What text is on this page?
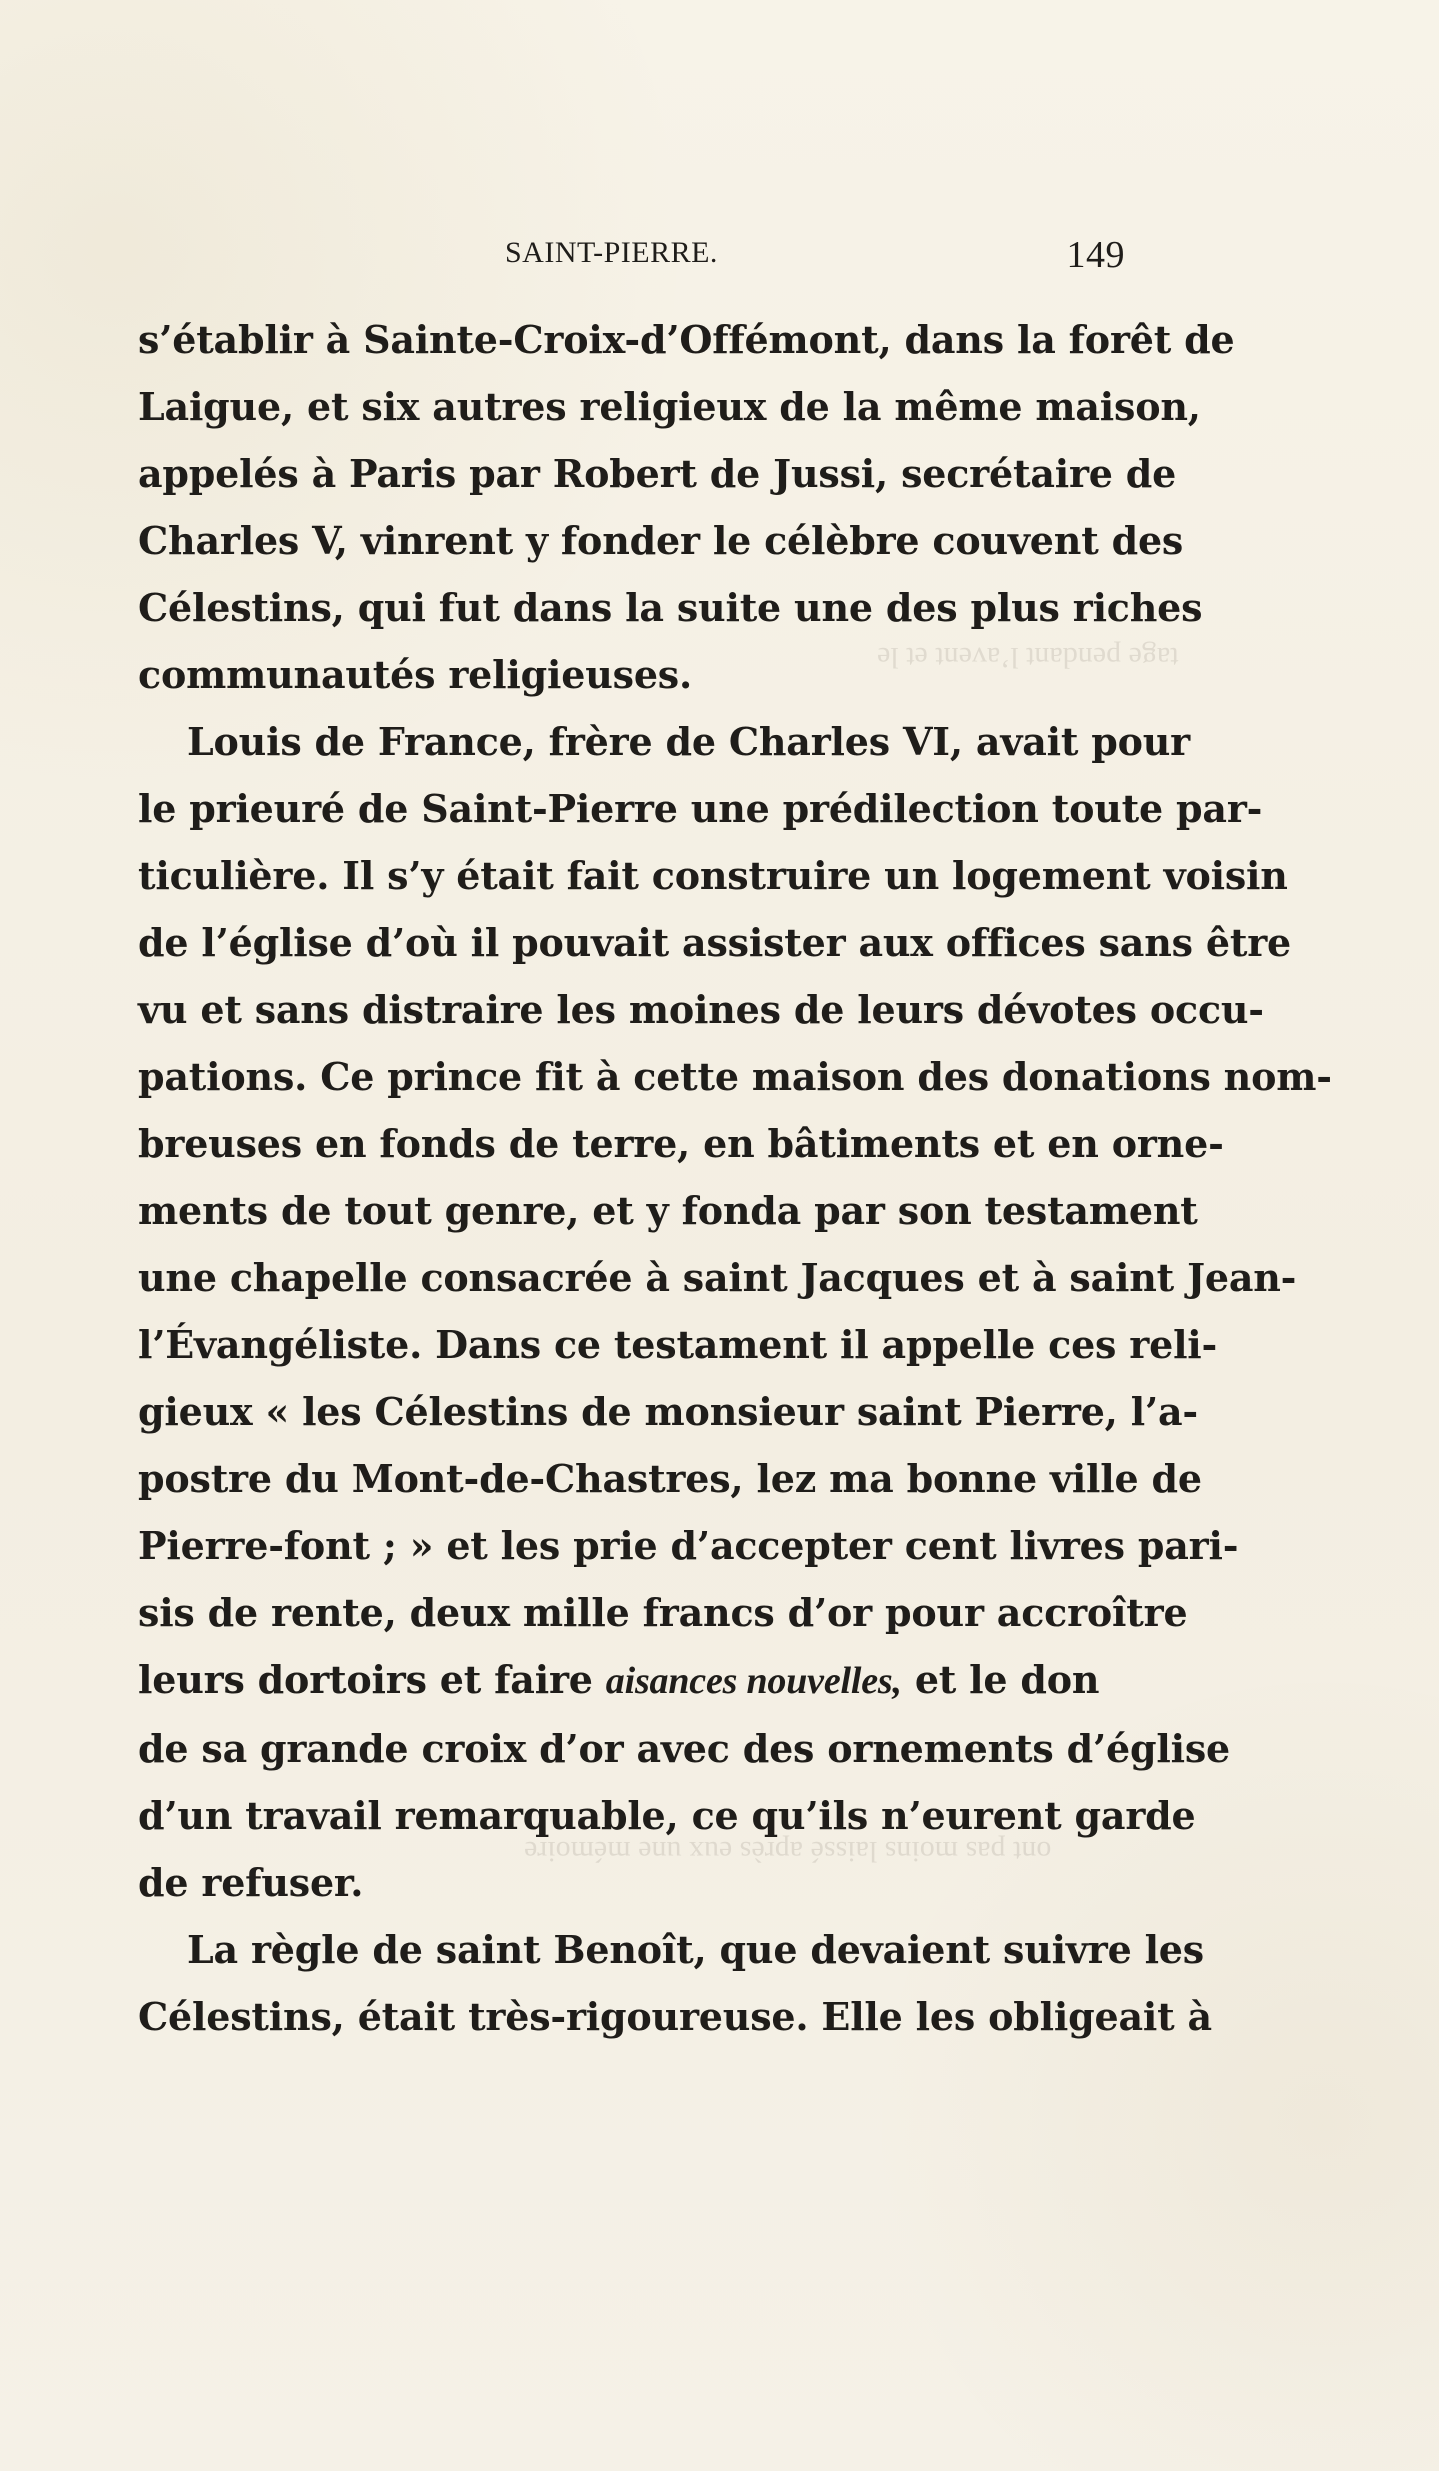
SAINT-PIERRE.	149
s’établir à Sainte-Croix-d’Offémont, dans la forêt de
Laigue, et six autres religieux de la même maison,
appelés à Paris par Robert de Jussi, secrétaire de
Charles V, vinrent y fonder le célèbre couvent des
Célestins, qui fut dans la suite une des plus riches
communautés religieuses.
Louis de France, frère de Charles VI, avait pour
le prieuré de Saint-Pierre une prédilection toute par-
ticulière. Il s’y était fait construire un logement voisin
de l’église d’où il pouvait assister aux offices sans être
vu et sans distraire les moines de leurs dévotes occu-
pations. Ce prince fit à cette maison des donations nom-
breuses en fonds de terre, en bâtiments et en orne-
ments de tout genre, et y fonda par son testament
une chapelle consacrée à saint Jacques et à saint Jean-
l’Évangéliste. Dans ce testament il appelle ces reli-
gieux « les Célestins de monsieur saint Pierre, l’a-
postre du Mont-de-Chastres, lez ma bonne ville de
Pierre-font ; » et les prie d’accepter cent livres pari-
sis de rente, deux mille francs d’or pour accroître
leurs dortoirs et faire aisances nouvelles, et le don
de sa grande croix d’or avec des ornements d’église
d’un travail remarquable, ce qu’ils n’eurent garde
de refuser.
La règle de saint Benoît, que devaient suivre les
Célestins, était très-rigoureuse. Elle les obligeait à
tage pendant l’avent et le
ont pas moins laissé après eux une mémoire
